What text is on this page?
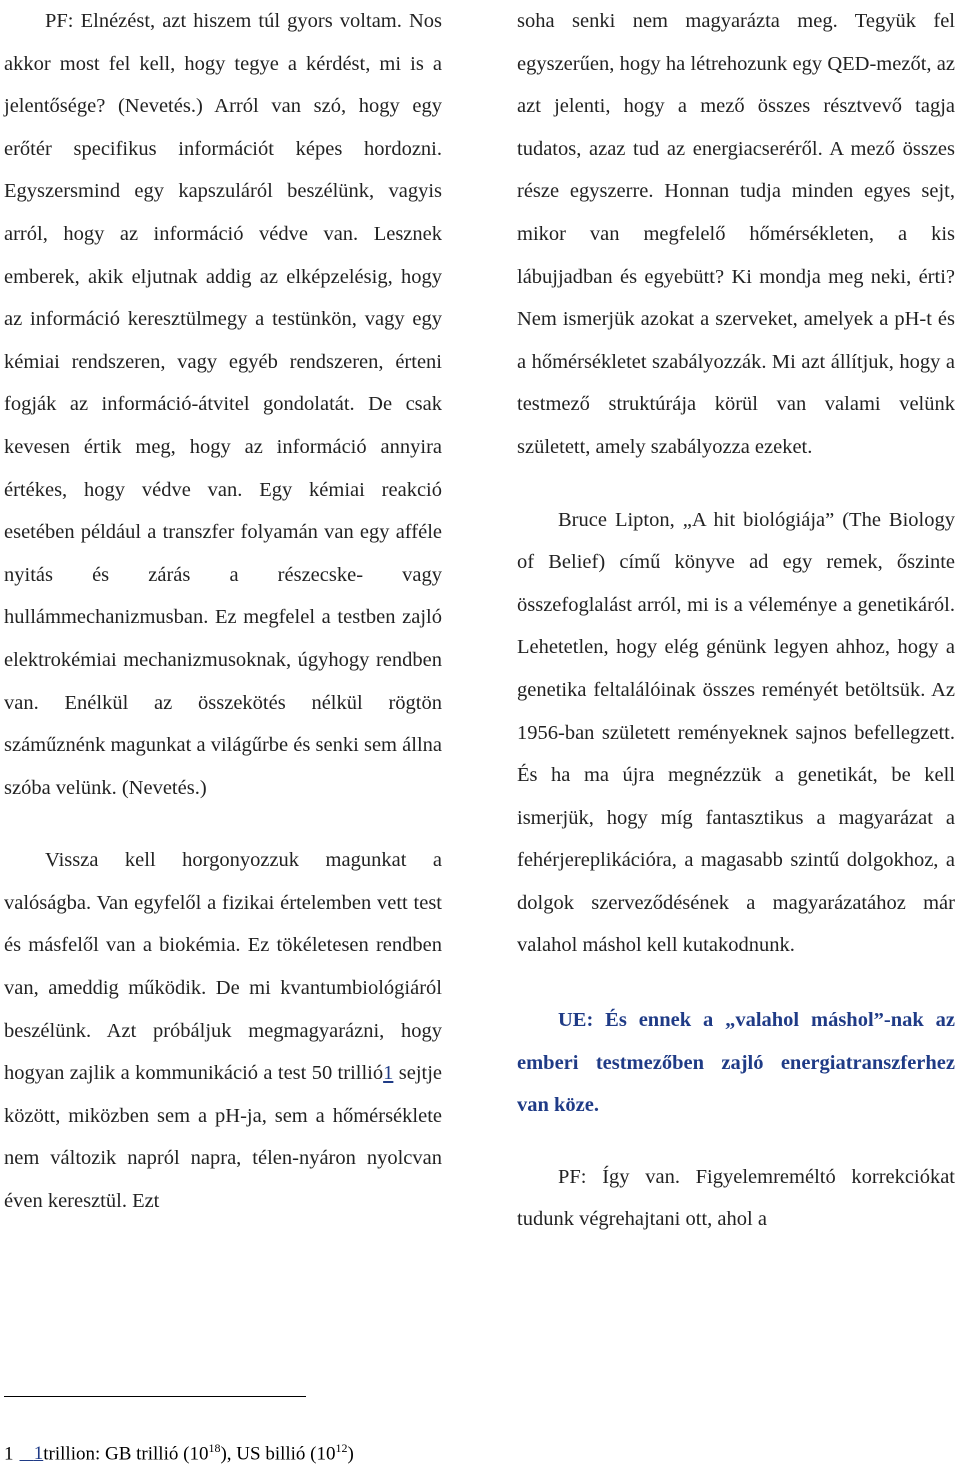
PF: Elnézést, azt hiszem túl gyors voltam. Nos akkor most fel kell, hogy tegye a kérdést, mi is a jelentősége? (Nevetés.) Arról van szó, hogy egy erőtér specifikus információt képes hordozni. Egyszersmind egy kapszuláról beszélünk, vagyis arról, hogy az információ védve van. Lesznek emberek, akik eljutnak addig az elképzelésig, hogy az információ keresztülmegy a testünkön, vagy egy kémiai rendszeren, vagy egyéb rendszeren, érteni fogják az információ-átvitel gondolatát. De csak kevesen értik meg, hogy az információ annyira értékes, hogy védve van. Egy kémiai reakció esetében például a transzfer folyamán van egy afféle nyitás és zárás a részecske- vagy hullámmechanizmusban. Ez megfelel a testben zajló elektrokémiai mechanizmusoknak, úgyhogy rendben van. Enélkül az összekötés nélkül rögtön száműznénk magunkat a világűrbe és senki sem állna szóba velünk. (Nevetés.)

Vissza kell horgonyozzuk magunkat a valóságba. Van egyfelől a fizikai értelemben vett test és másfelől van a biokémia. Ez tökéletesen rendben van, ameddig működik. De mi kvantumbiológiáról beszélünk. Azt próbáljuk megmagyarázni, hogy hogyan zajlik a kommunikáció a test 50 trillió1 sejtje között, miközben sem a pH-ja, sem a hőmérséklete nem változik napról napra, télen-nyáron nyolcvan éven keresztül. Ezt

soha senki nem magyarázta meg. Tegyük fel egyszerűen, hogy ha létrehozunk egy QED-mezőt, az azt jelenti, hogy a mező összes résztvevő tagja tudatos, azaz tud az energiacseréről. A mező összes része egyszerre. Honnan tudja minden egyes sejt, mikor van megfelelő hőmérsékleten, a kis lábujjadban és egyebütt? Ki mondja meg neki, érti? Nem ismerjük azokat a szerveket, amelyek a pH-t és a hőmérsékletet szabályozzák. Mi azt állítjuk, hogy a testmező struktúrája körül van valami velünk született, amely szabályozza ezeket.

Bruce Lipton, „A hit biológiája” (The Biology of Belief) című könyve ad egy remek, őszinte összefoglalást arról, mi is a véleménye a genetikáról. Lehetetlen, hogy elég génünk legyen ahhoz, hogy a genetika feltalálóinak összes reményét betöltsük. Az 1956-ban született reményeknek sajnos befellegzett. És ha ma újra megnézzük a genetikát, be kell ismerjük, hogy míg fantasztikus a magyarázat a fehérjereplikációra, a magasabb szintű dolgokhoz, a dolgok szerveződésének a magyarázatához már valahol máshol kell kutakodnunk.

UE: És ennek a „valahol máshol”-nak az emberi testmezőben zajló energiatranszferhez van köze.

PF: Így van. Figyelemreméltó korrekciókat tudunk végrehajtani ott, ahol a

1 1trillion: GB trillió $(10^{18})$, US billió $(10^{12})$
